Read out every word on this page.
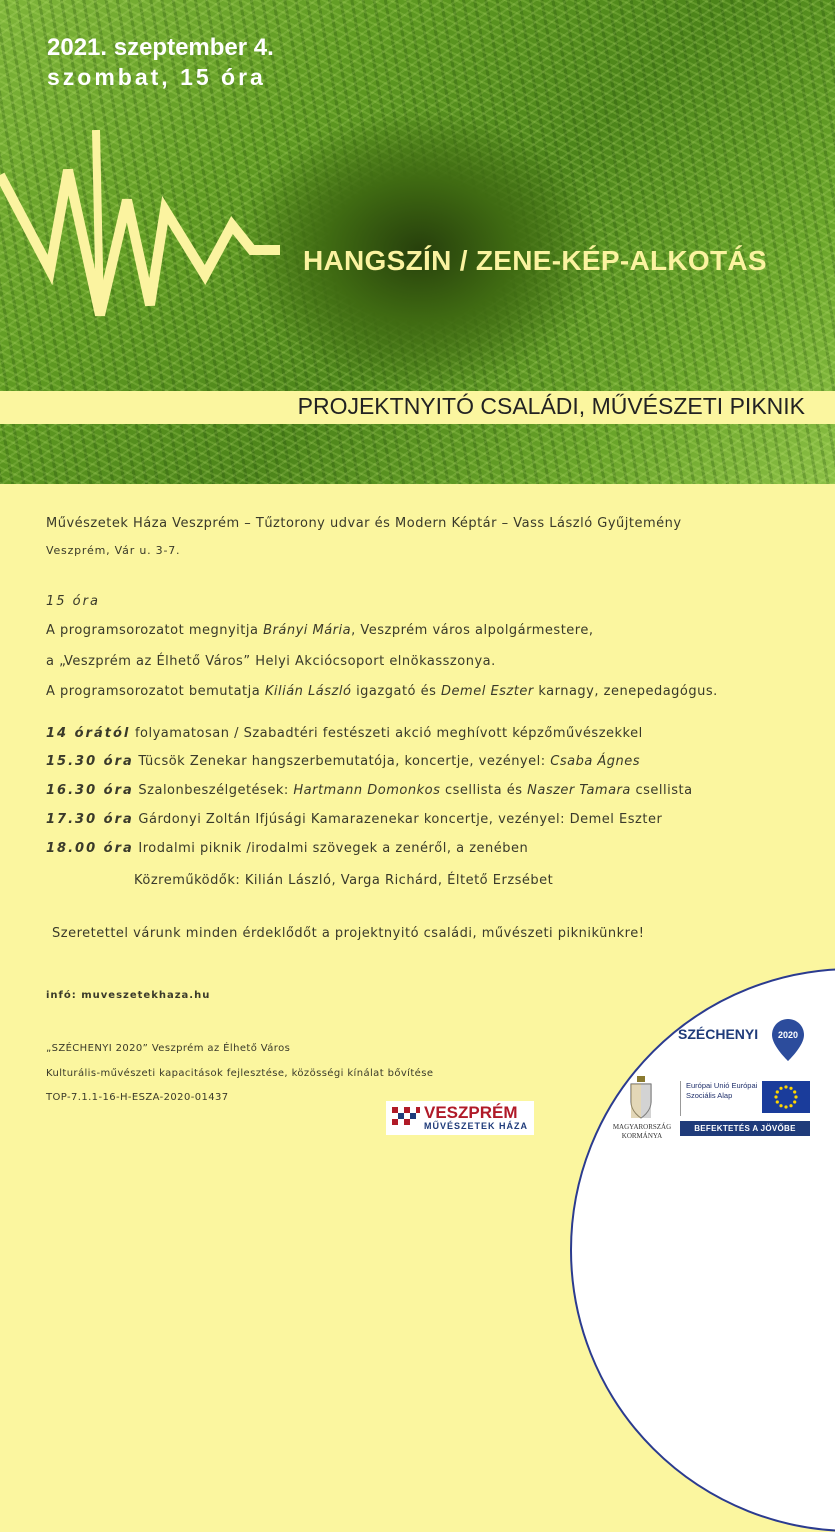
2021. szeptember 4.
szombat, 15 óra
HANGSZÍN / ZENE-KÉP-ALKOTÁS
PROJEKTNYITÓ CSALÁDI, MŰVÉSZETI PIKNIK
Művészetek Háza Veszprém – Tűztorony udvar és Modern Képtár – Vass László Gyűjtemény
Veszprém, Vár u. 3-7.
15 óra
A programsorozatot megnyitja Brányi Mária, Veszprém város alpolgármestere,
a „Veszprém az Élhető Város” Helyi Akciócsoport elnökasszonya.
A programsorozatot bemutatja Kilián László igazgató és Demel Eszter karnagy, zenepedagógus.
14 órától folyamatosan / Szabadtéri festészeti akció meghívott képzőművészekkel
15.30 óra Tücsök Zenekar hangszerbemutatója, koncertje, vezényel: Csaba Ágnes
16.30 óra Szalonbeszélgetések: Hartmann Domonkos csellista és Naszer Tamara csellista
17.30 óra Gárdonyi Zoltán Ifjúsági Kamarazenekar koncertje, vezényel: Demel Eszter
18.00 óra Irodalmi piknik /irodalmi szövegek a zenéről, a zenében
Közreműködők: Kilián László, Varga Richárd, Éltető Erzsébet
Szeretettel várunk minden érdeklődőt a projektnyitó családi, művészeti piknikünkre!
infó: muveszetekhaza.hu
„SZÉCHENYI 2020” Veszprém az Élhető Város
Kulturális-művészeti kapacitások fejlesztése, közösségi kínálat bővítése
TOP-7.1.1-16-H-ESZA-2020-01437
VESZPRÉM
MŰVÉSZETEK HÁZA
SZÉCHENYI 2020
MAGYARORSZÁG KORMÁNYA
Európai Unió Európai Szociális Alap
BEFEKTETÉS A JÖVŐBE
